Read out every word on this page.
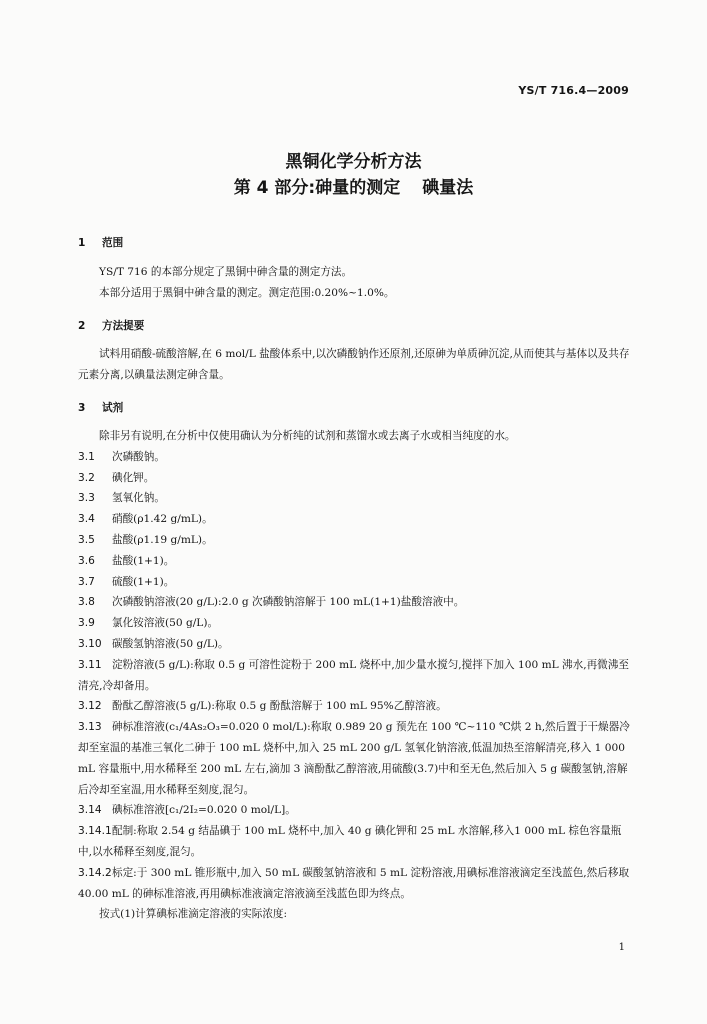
YS/T 716.4—2009
黑铜化学分析方法
第 4 部分:砷量的测定 碘量法
1 范围

YS/T 716 的本部分规定了黑铜中砷含量的测定方法。

本部分适用于黑铜中砷含量的测定。测定范围:0.20%~1.0%。

2 方法提要

试料用硝酸-硫酸溶解,在 6 mol/L 盐酸体系中,以次磷酸钠作还原剂,还原砷为单质砷沉淀,从而使其与基体以及共存元素分离,以碘量法测定砷含量。

3 试剂

除非另有说明,在分析中仅使用确认为分析纯的试剂和蒸馏水或去离子水或相当纯度的水。

3.1 次磷酸钠。

3.2 碘化钾。

3.3 氢氧化钠。

3.4 硝酸(ρ1.42 g/mL)。

3.5 盐酸(ρ1.19 g/mL)。

3.6 盐酸(1+1)。

3.7 硫酸(1+1)。

3.8 次磷酸钠溶液(20 g/L):2.0 g 次磷酸钠溶解于 100 mL(1+1)盐酸溶液中。

3.9 氯化铵溶液(50 g/L)。

3.10 碳酸氢钠溶液(50 g/L)。

3.11 淀粉溶液(5 g/L):称取 0.5 g 可溶性淀粉于 200 mL 烧杯中,加少量水搅匀,搅拌下加入 100 mL 沸水,再微沸至清亮,冷却备用。

3.12 酚酞乙醇溶液(5 g/L):称取 0.5 g 酚酞溶解于 100 mL 95%乙醇溶液。

3.13 砷标准溶液(c₁/4As₂O₃=0.020 0 mol/L):称取 0.989 20 g 预先在 100 ℃~110 ℃烘 2 h,然后置于干燥器冷却至室温的基准三氧化二砷于 100 mL 烧杯中,加入 25 mL 200 g/L 氢氧化钠溶液,低温加热至溶解清亮,移入 1 000 mL 容量瓶中,用水稀释至 200 mL 左右,滴加 3 滴酚酞乙醇溶液,用硫酸(3.7)中和至无色,然后加入 5 g 碳酸氢钠,溶解后冷却至室温,用水稀释至刻度,混匀。

3.14 碘标准溶液[c₁/2I₂=0.020 0 mol/L]。

3.14.1配制:称取 2.54 g 结晶碘于 100 mL 烧杯中,加入 40 g 碘化钾和 25 mL 水溶解,移入1 000 mL 棕色容量瓶中,以水稀释至刻度,混匀。

3.14.2标定:于 300 mL 锥形瓶中,加入 50 mL 碳酸氢钠溶液和 5 mL 淀粉溶液,用碘标准溶液滴定至浅蓝色,然后移取 40.00 mL 的砷标准溶液,再用碘标准液滴定溶液滴至浅蓝色即为终点。

按式(1)计算碘标准滴定溶液的实际浓度:

1
